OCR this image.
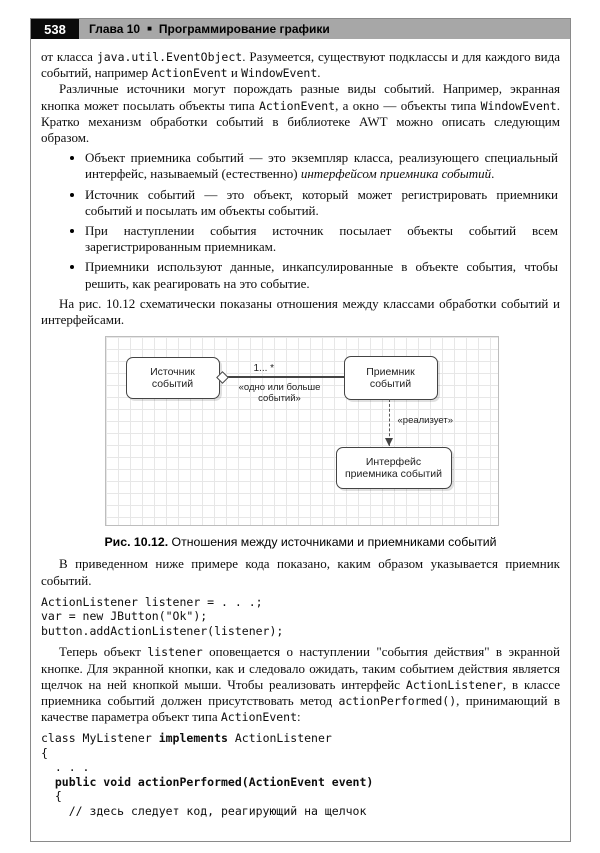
538	Глава 10 ■ Программирование графики

от класса java.util.EventObject. Разумеется, существуют подклассы и для каждого вида событий, например ActionEvent и WindowEvent.

Различные источники могут порождать разные виды событий. Например, экранная кнопка может посылать объекты типа ActionEvent, а окно — объекты типа WindowEvent. Кратко механизм обработки событий в библиотеке AWT можно описать следующим образом.

Объект приемника событий — это экземпляр класса, реализующего специальный интерфейс, называемый (естественно) интерфейсом приемника событий.
Источник событий — это объект, который может регистрировать приемники событий и посылать им объекты событий.
При наступлении события источник посылает объекты событий всем зарегистрированным приемникам.
Приемники используют данные, инкапсулированные в объекте события, чтобы решить, как реагировать на это событие.

На рис. 10.12 схематически показаны отношения между классами обработки событий и интерфейсами.

Источник
событий
Приемник
событий
Интерфейс
приемника событий
1... *
«одно или больше
событий»
«реализует»

Рис. 10.12. Отношения между источниками и приемниками событий

В приведенном ниже примере кода показано, каким образом указывается приемник событий.

ActionListener listener = . . .;
var = new JButton("Ok");
button.addActionListener(listener);

Теперь объект listener оповещается о наступлении "события действия" в экранной кнопке. Для экранной кнопки, как и следовало ожидать, таким событием действия является щелчок на ней кнопкой мыши. Чтобы реализовать интерфейс ActionListener, в классе приемника событий должен присутствовать метод actionPerformed(), принимающий в качестве параметра объект типа ActionEvent:

class MyListener implements ActionListener
{
. . .
public void actionPerformed(ActionEvent event)
{
// здесь следует код, реагирующий на щелчок
